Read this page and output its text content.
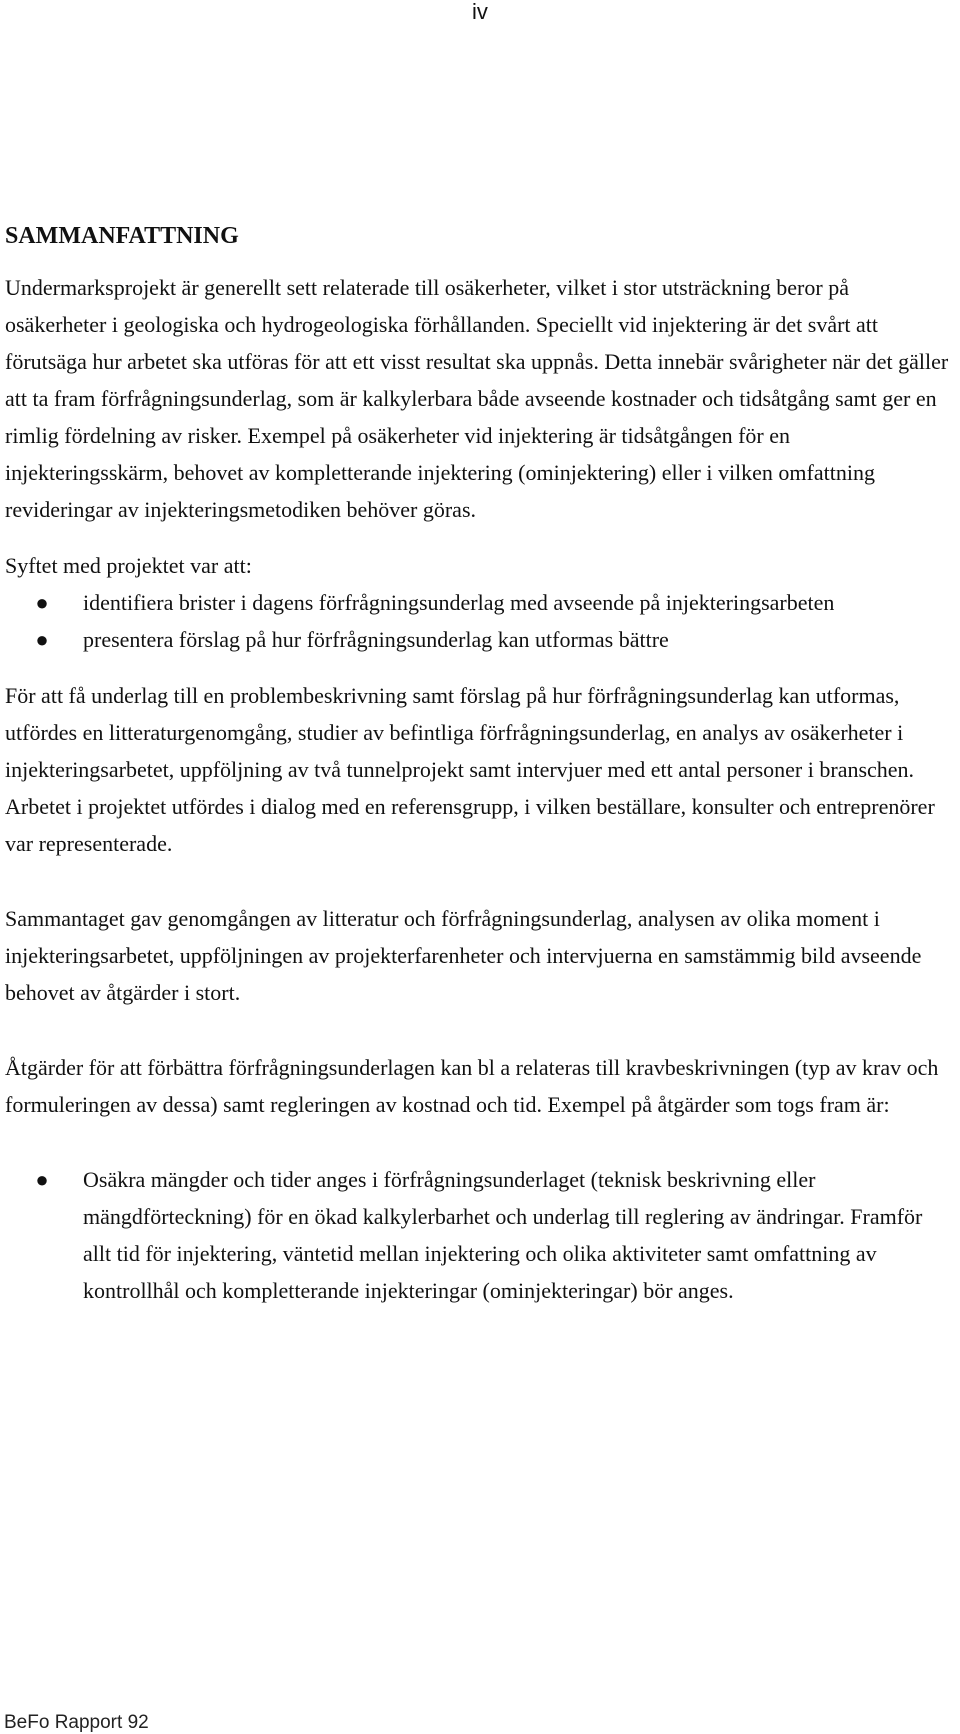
iv
SAMMANFATTNING

Undermarksprojekt är generellt sett relaterade till osäkerheter, vilket i stor utsträckning beror på osäkerheter i geologiska och hydrogeologiska förhållanden. Speciellt vid injektering är det svårt att förutsäga hur arbetet ska utföras för att ett visst resultat ska uppnås. Detta innebär svårigheter när det gäller att ta fram förfrågningsunderlag, som är kalkylerbara både avseende kostnader och tidsåtgång samt ger en rimlig fördelning av risker. Exempel på osäkerheter vid injektering är tidsåtgången för en injekteringsskärm, behovet av kompletterande injektering (ominjektering) eller i vilken omfattning revideringar av injekteringsmetodiken behöver göras.

Syftet med projektet var att:

● identifiera brister i dagens förfrågningsunderlag med avseende på injekteringsarbeten
● presentera förslag på hur förfrågningsunderlag kan utformas bättre

För att få underlag till en problembeskrivning samt förslag på hur förfrågningsunderlag kan utformas, utfördes en litteraturgenomgång, studier av befintliga förfrågningsunderlag, en analys av osäkerheter i injekteringsarbetet, uppföljning av två tunnelprojekt samt intervjuer med ett antal personer i branschen. Arbetet i projektet utfördes i dialog med en referensgrupp, i vilken beställare, konsulter och entreprenörer var representerade.

Sammantaget gav genomgången av litteratur och förfrågningsunderlag, analysen av olika moment i injekteringsarbetet, uppföljningen av projekterfarenheter och intervjuerna en samstämmig bild avseende behovet av åtgärder i stort.

Åtgärder för att förbättra förfrågningsunderlagen kan bl a relateras till kravbeskrivningen (typ av krav och formuleringen av dessa) samt regleringen av kostnad och tid. Exempel på åtgärder som togs fram är:

● Osäkra mängder och tider anges i förfrågningsunderlaget (teknisk beskrivning eller mängdförteckning) för en ökad kalkylerbarhet och underlag till reglering av ändringar. Framför allt tid för injektering, väntetid mellan injektering och olika aktiviteter samt omfattning av kontrollhål och kompletterande injekteringar (ominjekteringar) bör anges.
BeFo Rapport 92
